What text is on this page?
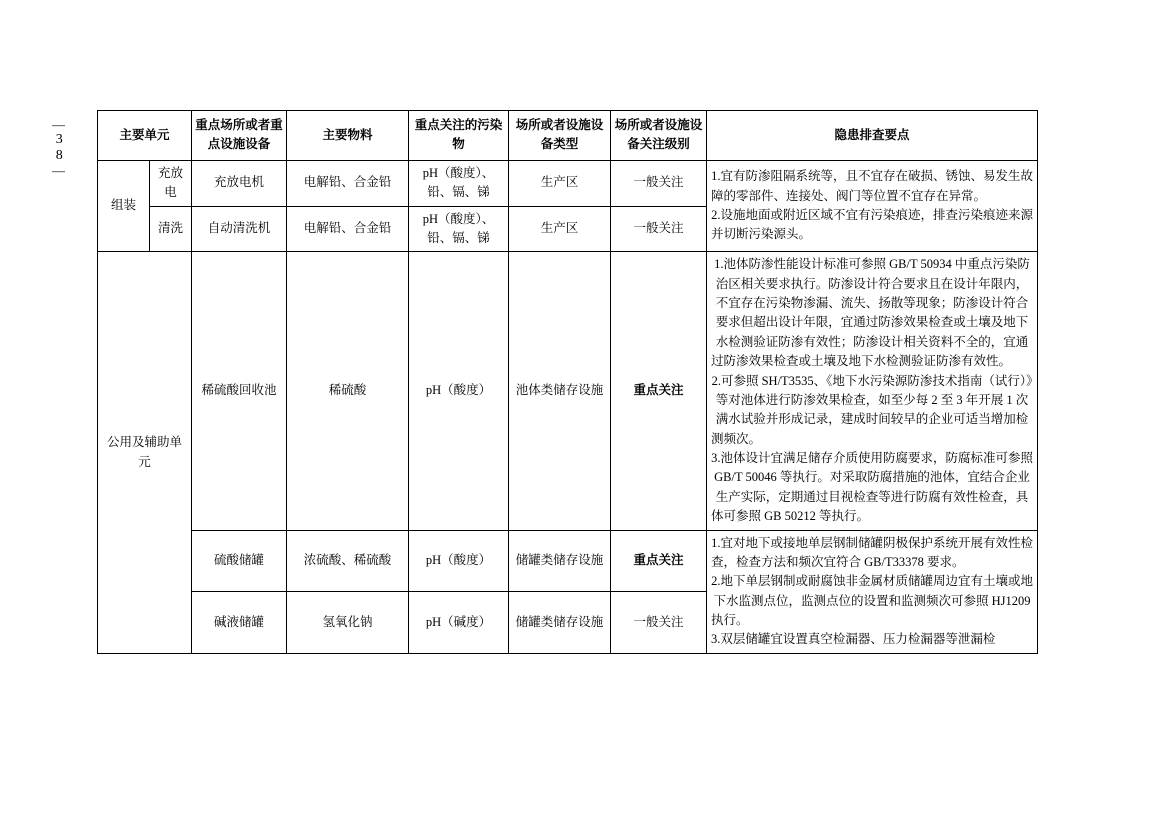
—
38
—
主要单元		重点场所或者重点设施设备	主要物料	重点关注的污染物	场所或者设施设备类型	场所或者设施设备关注级别	隐患排查要点
组装	充放电	充放电机	电解铅、合金铅	pH（酸度）、铅、镉、锑	生产区	一般关注	1.宜有防渗阻隔系统等，且不宜存在破损、锈蚀、易发生故障的零部件、连接处、阀门等位置不宜存在异常。

2.设施地面或附近区域不宜有污染痕迹，排查污染痕迹来源并切断污染源头。

	清洗	自动清洗机	电解铅、合金铅	pH（酸度）、铅、镉、锑	生产区	一般关注	
公用及辅助单元		稀硫酸回收池	稀硫酸	pH（酸度）	池体类储存设施	重点关注	1.池体防渗性能设计标准可参照 GB/T 50934 中重点污染防治区相关要求执行。防渗设计符合要求且在设计年限内，不宜存在污染物渗漏、流失、扬散等现象；防渗设计符合要求但超出设计年限，宜通过防渗效果检查或土壤及地下水检测验证防渗有效性；防渗设计相关资料不全的，宜通过防渗效果检查或土壤及地下水检测验证防渗有效性。

2.可参照 SH/T3535、《地下水污染源防渗技术指南（试行）》等对池体进行防渗效果检查，如至少每 2 至 3 年开展 1 次满水试验并形成记录，建成时间较早的企业可适当增加检测频次。

3.池体设计宜满足储存介质使用防腐要求，防腐标准可参照 GB/T 50046 等执行。对采取防腐措施的池体，宜结合企业生产实际，定期通过目视检查等进行防腐有效性检查，具体可参照 GB 50212 等执行。

		硫酸储罐	浓硫酸、稀硫酸	pH（酸度）	储罐类储存设施	重点关注	1.宜对地下或接地单层钢制储罐阴极保护系统开展有效性检查，检查方法和频次宜符合 GB/T33378 要求。

2.地下单层钢制或耐腐蚀非金属材质储罐周边宜有土壤或地下水监测点位，监测点位的设置和监测频次可参照 HJ1209 执行。

3.双层储罐宜设置真空检漏器、压力检漏器等泄漏检

		碱液储罐	氢氧化钠	pH（碱度）	储罐类储存设施	一般关注	
